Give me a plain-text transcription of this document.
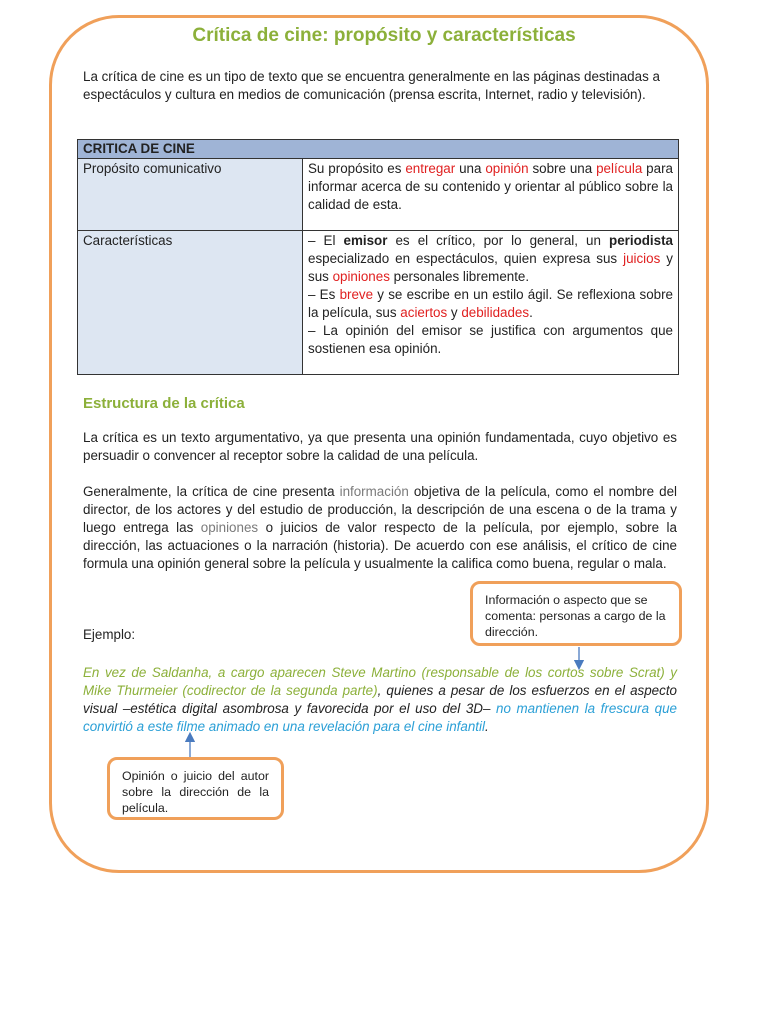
Crítica de cine: propósito y características
La crítica de cine es un tipo de texto que se encuentra generalmente en las páginas destinadas a espectáculos y cultura en medios de comunicación (prensa escrita, Internet, radio y televisión).
CRITICA DE CINE	
Propósito comunicativo	Su propósito es entregar una opinión sobre una película para informar acerca de su contenido y orientar al público sobre la calidad de esta.
Características	– El emisor es el crítico, por lo general, un periodista especializado en espectáculos, quien expresa sus juicios y sus opiniones personales libremente.
– Es breve y se escribe en un estilo ágil. Se reflexiona sobre la película, sus aciertos y debilidades.
– La opinión del emisor se justifica con argumentos que sostienen esa opinión.
Estructura de la crítica
La crítica es un texto argumentativo, ya que presenta una opinión fundamentada, cuyo objetivo es persuadir o convencer al receptor sobre la calidad de una película.
Generalmente, la crítica de cine presenta información objetiva de la película, como el nombre del director, de los actores y del estudio de producción, la descripción de una escena o de la trama y luego entrega las opiniones o juicios de valor respecto de la película, por ejemplo, sobre la dirección, las actuaciones o la narración (historia). De acuerdo con ese análisis, el crítico de cine formula una opinión general sobre la película y usualmente la califica como buena, regular o mala.
Ejemplo:
En vez de Saldanha, a cargo aparecen Steve Martino (responsable de los cortos sobre Scrat) y Mike Thurmeier (codirector de la segunda parte), quienes a pesar de los esfuerzos en el aspecto visual –estética digital asombrosa y favorecida por el uso del 3D– no mantienen la frescura que convirtió a este filme animado en una revelación para el cine infantil.
Información o aspecto que se comenta: personas a cargo de la dirección.
Opinión o juicio del autor sobre la dirección de la película.
